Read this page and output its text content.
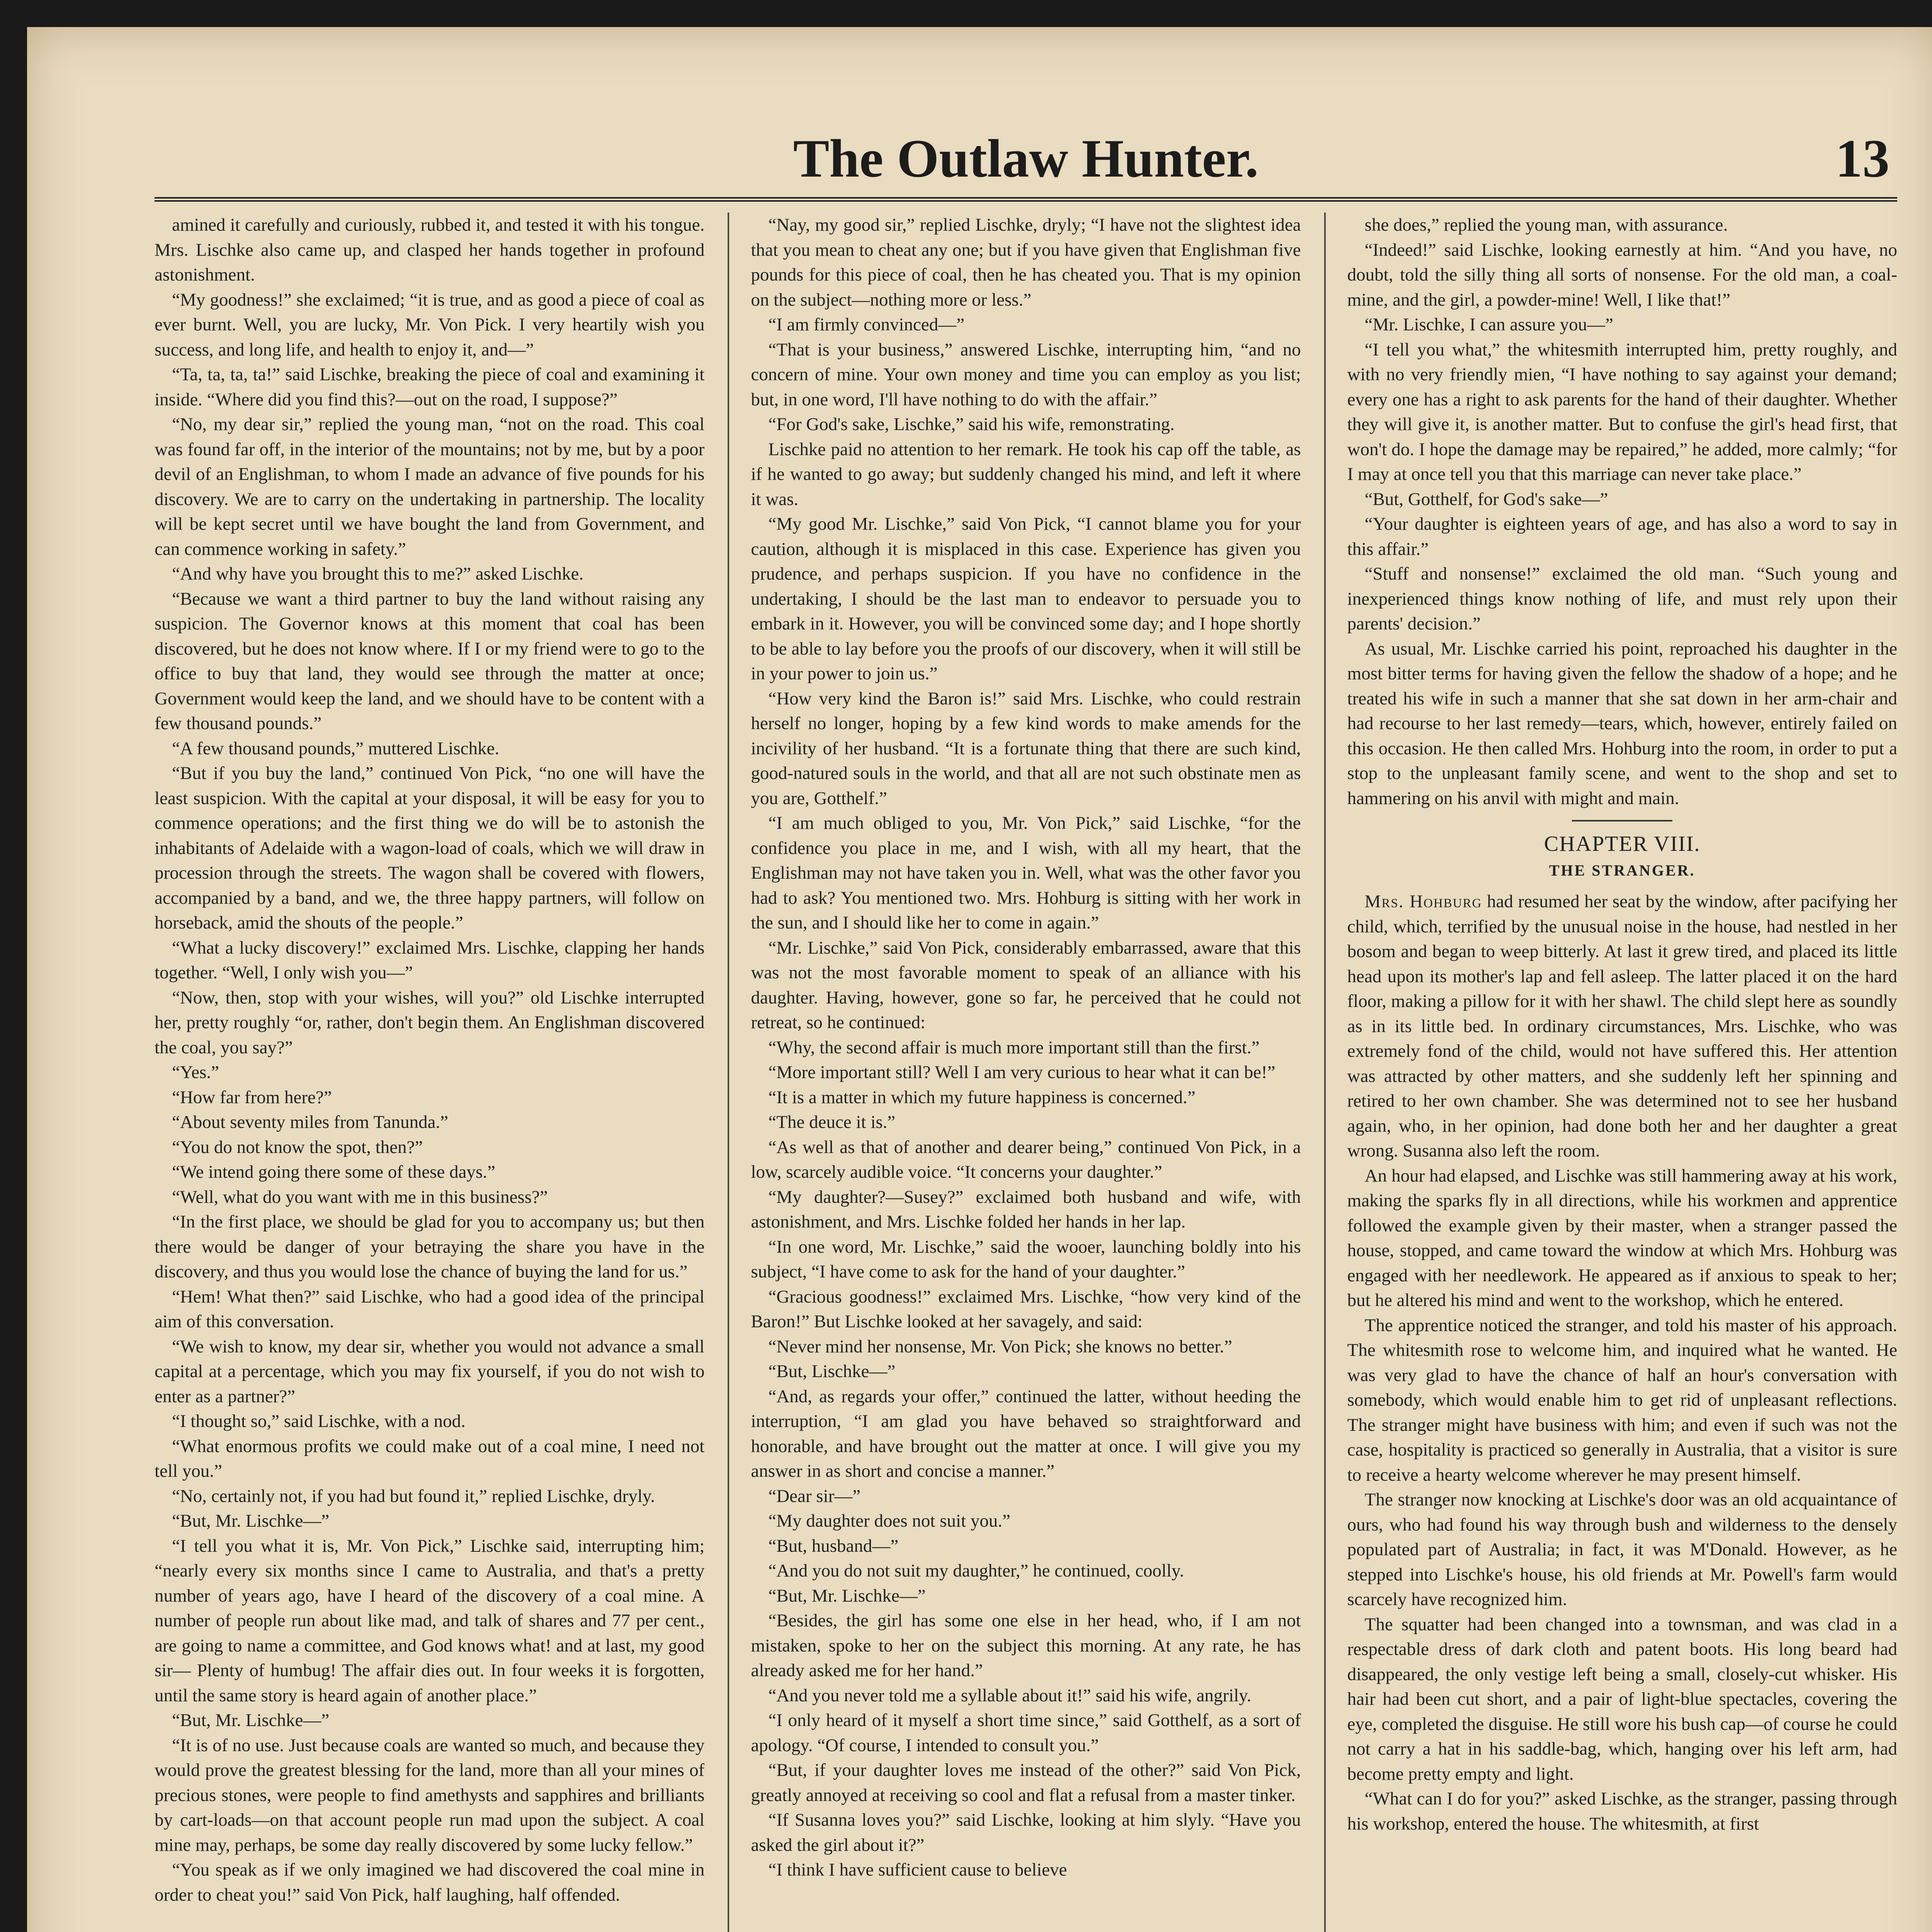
The Outlaw Hunter.	13

amined it carefully and curiously, rubbed it, and tested it with his tongue. Mrs. Lischke also came up, and clasped her hands together in profound astonishment.

“My goodness!” she exclaimed; “it is true, and as good a piece of coal as ever burnt. Well, you are lucky, Mr. Von Pick. I very heartily wish you success, and long life, and health to enjoy it, and—”

“Ta, ta, ta, ta!” said Lischke, breaking the piece of coal and examining it inside. “Where did you find this?—out on the road, I suppose?”

“No, my dear sir,” replied the young man, “not on the road. This coal was found far off, in the interior of the mountains; not by me, but by a poor devil of an Englishman, to whom I made an advance of five pounds for his discovery. We are to carry on the undertaking in partnership. The locality will be kept secret until we have bought the land from Government, and can commence working in safety.”

“And why have you brought this to me?” asked Lischke.

“Because we want a third partner to buy the land without raising any suspicion. The Governor knows at this moment that coal has been discovered, but he does not know where. If I or my friend were to go to the office to buy that land, they would see through the matter at once; Government would keep the land, and we should have to be content with a few thousand pounds.”

“A few thousand pounds,” muttered Lischke.

“But if you buy the land,” continued Von Pick, “no one will have the least suspicion. With the capital at your disposal, it will be easy for you to commence operations; and the first thing we do will be to astonish the inhabitants of Adelaide with a wagon-load of coals, which we will draw in procession through the streets. The wagon shall be covered with flowers, accompanied by a band, and we, the three happy partners, will follow on horseback, amid the shouts of the people.”

“What a lucky discovery!” exclaimed Mrs. Lischke, clapping her hands together. “Well, I only wish you—”

“Now, then, stop with your wishes, will you?” old Lischke interrupted her, pretty roughly “or, rather, don't begin them. An Englishman discovered the coal, you say?”

“Yes.”

“How far from here?”

“About seventy miles from Tanunda.”

“You do not know the spot, then?”

“We intend going there some of these days.”

“Well, what do you want with me in this business?”

“In the first place, we should be glad for you to accompany us; but then there would be danger of your betraying the share you have in the discovery, and thus you would lose the chance of buying the land for us.”

“Hem! What then?” said Lischke, who had a good idea of the principal aim of this conversation.

“We wish to know, my dear sir, whether you would not advance a small capital at a percentage, which you may fix yourself, if you do not wish to enter as a partner?”

“I thought so,” said Lischke, with a nod.

“What enormous profits we could make out of a coal mine, I need not tell you.”

“No, certainly not, if you had but found it,” replied Lischke, dryly.

“But, Mr. Lischke—”

“I tell you what it is, Mr. Von Pick,” Lischke said, interrupting him; “nearly every six months since I came to Australia, and that's a pretty number of years ago, have I heard of the discovery of a coal mine. A number of people run about like mad, and talk of shares and 77 per cent., are going to name a committee, and God knows what! and at last, my good sir— Plenty of humbug! The affair dies out. In four weeks it is forgotten, until the same story is heard again of another place.”

“But, Mr. Lischke—”

“It is of no use. Just because coals are wanted so much, and because they would prove the greatest blessing for the land, more than all your mines of precious stones, were people to find amethysts and sapphires and brilliants by cart-loads—on that account people run mad upon the subject. A coal mine may, perhaps, be some day really discovered by some lucky fellow.”

“You speak as if we only imagined we had discovered the coal mine in order to cheat you!” said Von Pick, half laughing, half offended.

“Nay, my good sir,” replied Lischke, dryly; “I have not the slightest idea that you mean to cheat any one; but if you have given that Englishman five pounds for this piece of coal, then he has cheated you. That is my opinion on the subject—nothing more or less.”

“I am firmly convinced—”

“That is your business,” answered Lischke, interrupting him, “and no concern of mine. Your own money and time you can employ as you list; but, in one word, I'll have nothing to do with the affair.”

“For God's sake, Lischke,” said his wife, remonstrating.

Lischke paid no attention to her remark. He took his cap off the table, as if he wanted to go away; but suddenly changed his mind, and left it where it was.

“My good Mr. Lischke,” said Von Pick, “I cannot blame you for your caution, although it is misplaced in this case. Experience has given you prudence, and perhaps suspicion. If you have no confidence in the undertaking, I should be the last man to endeavor to persuade you to embark in it. However, you will be convinced some day; and I hope shortly to be able to lay before you the proofs of our discovery, when it will still be in your power to join us.”

“How very kind the Baron is!” said Mrs. Lischke, who could restrain herself no longer, hoping by a few kind words to make amends for the incivility of her husband. “It is a fortunate thing that there are such kind, good-natured souls in the world, and that all are not such obstinate men as you are, Gotthelf.”

“I am much obliged to you, Mr. Von Pick,” said Lischke, “for the confidence you place in me, and I wish, with all my heart, that the Englishman may not have taken you in. Well, what was the other favor you had to ask? You mentioned two. Mrs. Hohburg is sitting with her work in the sun, and I should like her to come in again.”

“Mr. Lischke,” said Von Pick, considerably embarrassed, aware that this was not the most favorable moment to speak of an alliance with his daughter. Having, however, gone so far, he perceived that he could not retreat, so he continued:

“Why, the second affair is much more important still than the first.”

“More important still? Well I am very curious to hear what it can be!”

“It is a matter in which my future happiness is concerned.”

“The deuce it is.”

“As well as that of another and dearer being,” continued Von Pick, in a low, scarcely audible voice. “It concerns your daughter.”

“My daughter?—Susey?” exclaimed both husband and wife, with astonishment, and Mrs. Lischke folded her hands in her lap.

“In one word, Mr. Lischke,” said the wooer, launching boldly into his subject, “I have come to ask for the hand of your daughter.”

“Gracious goodness!” exclaimed Mrs. Lischke, “how very kind of the Baron!” But Lischke looked at her savagely, and said:

“Never mind her nonsense, Mr. Von Pick; she knows no better.”

“But, Lischke—”

“And, as regards your offer,” continued the latter, without heeding the interruption, “I am glad you have behaved so straightforward and honorable, and have brought out the matter at once. I will give you my answer in as short and concise a manner.”

“Dear sir—”

“My daughter does not suit you.”

“But, husband—”

“And you do not suit my daughter,” he continued, coolly.

“But, Mr. Lischke—”

“Besides, the girl has some one else in her head, who, if I am not mistaken, spoke to her on the subject this morning. At any rate, he has already asked me for her hand.”

“And you never told me a syllable about it!” said his wife, angrily.

“I only heard of it myself a short time since,” said Gotthelf, as a sort of apology. “Of course, I intended to consult you.”

“But, if your daughter loves me instead of the other?” said Von Pick, greatly annoyed at receiving so cool and flat a refusal from a master tinker.

“If Susanna loves you?” said Lischke, looking at him slyly. “Have you asked the girl about it?”

“I think I have sufficient cause to believe

she does,” replied the young man, with assurance.

“Indeed!” said Lischke, looking earnestly at him. “And you have, no doubt, told the silly thing all sorts of nonsense. For the old man, a coal-mine, and the girl, a powder-mine! Well, I like that!”

“Mr. Lischke, I can assure you—”

“I tell you what,” the whitesmith interrupted him, pretty roughly, and with no very friendly mien, “I have nothing to say against your demand; every one has a right to ask parents for the hand of their daughter. Whether they will give it, is another matter. But to confuse the girl's head first, that won't do. I hope the damage may be repaired,” he added, more calmly; “for I may at once tell you that this marriage can never take place.”

“But, Gotthelf, for God's sake—”

“Your daughter is eighteen years of age, and has also a word to say in this affair.”

“Stuff and nonsense!” exclaimed the old man. “Such young and inexperienced things know nothing of life, and must rely upon their parents' decision.”

As usual, Mr. Lischke carried his point, reproached his daughter in the most bitter terms for having given the fellow the shadow of a hope; and he treated his wife in such a manner that she sat down in her arm-chair and had recourse to her last remedy—tears, which, however, entirely failed on this occasion. He then called Mrs. Hohburg into the room, in order to put a stop to the unpleasant family scene, and went to the shop and set to hammering on his anvil with might and main.

CHAPTER VIII.
THE STRANGER.

Mrs. Hohburg had resumed her seat by the window, after pacifying her child, which, terrified by the unusual noise in the house, had nestled in her bosom and began to weep bitterly. At last it grew tired, and placed its little head upon its mother's lap and fell asleep. The latter placed it on the hard floor, making a pillow for it with her shawl. The child slept here as soundly as in its little bed. In ordinary circumstances, Mrs. Lischke, who was extremely fond of the child, would not have suffered this. Her attention was attracted by other matters, and she suddenly left her spinning and retired to her own chamber. She was determined not to see her husband again, who, in her opinion, had done both her and her daughter a great wrong. Susanna also left the room.

An hour had elapsed, and Lischke was still hammering away at his work, making the sparks fly in all directions, while his workmen and apprentice followed the example given by their master, when a stranger passed the house, stopped, and came toward the window at which Mrs. Hohburg was engaged with her needlework. He appeared as if anxious to speak to her; but he altered his mind and went to the workshop, which he entered.

The apprentice noticed the stranger, and told his master of his approach. The whitesmith rose to welcome him, and inquired what he wanted. He was very glad to have the chance of half an hour's conversation with somebody, which would enable him to get rid of unpleasant reflections. The stranger might have business with him; and even if such was not the case, hospitality is practiced so generally in Australia, that a visitor is sure to receive a hearty welcome wherever he may present himself.

The stranger now knocking at Lischke's door was an old acquaintance of ours, who had found his way through bush and wilderness to the densely populated part of Australia; in fact, it was M'Donald. However, as he stepped into Lischke's house, his old friends at Mr. Powell's farm would scarcely have recognized him.

The squatter had been changed into a townsman, and was clad in a respectable dress of dark cloth and patent boots. His long beard had disappeared, the only vestige left being a small, closely-cut whisker. His hair had been cut short, and a pair of light-blue spectacles, covering the eye, completed the disguise. He still wore his bush cap—of course he could not carry a hat in his saddle-bag, which, hanging over his left arm, had become pretty empty and light.

“What can I do for you?” asked Lischke, as the stranger, passing through his workshop, entered the house. The whitesmith, at first
